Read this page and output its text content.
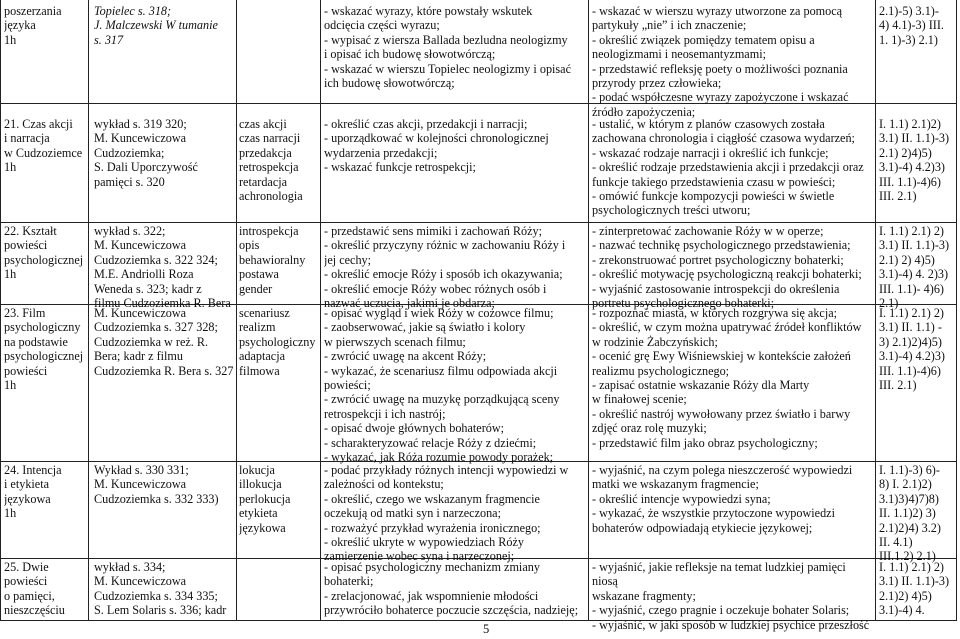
poszerzania
języka
1h
Topielec s. 318;
J. Malczewski W tumanie
s. 317
- wskazać wyrazy, które powstały wskutek
odcięcia części wyrazu;
- wypisać z wiersza Ballada bezludna neologizmy
i opisać ich budowę słowotwórczą;
- wskazać w wierszu Topielec neologizmy i opisać
ich budowę słowotwórczą;
- wskazać w wierszu wyrazy utworzone za pomocą
partykuły „nie” i ich znaczenie;
- określić związek pomiędzy tematem opisu a
neologizmami i neosemantyzmami;
- przedstawić refleksję poety o możliwości poznania
przyrody przez człowieka;
- podać współczesne wyrazy zapożyczone i wskazać
źródło zapożyczenia;
2.1)-5) 3.1)-
4) 4.1)-3) III.
1. 1)-3) 2.1)
21. Czas akcji
i narracja
w Cudzoziemce
1h
wykład s. 319 320;
M. Kuncewiczowa
Cudzoziemka;
S. Dali Uporczywość
pamięci s. 320
czas akcji
czas narracji
przedakcja
retrospekcja
retardacja
achronologia
- określić czas akcji, przedakcji i narracji;
- uporządkować w kolejności chronologicznej
wydarzenia przedakcji;
- wskazać funkcje retrospekcji;
- ustalić, w którym z planów czasowych została
zachowana chronologia i ciągłość czasowa wydarzeń;
- wskazać rodzaje narracji i określić ich funkcje;
- określić rodzaje przedstawienia akcji i przedakcji oraz
funkcje takiego przedstawienia czasu w powieści;
- omówić funkcje kompozycji powieści w świetle
psychologicznych treści utworu;
I. 1.1) 2.1)2)
3.1) II. 1.1)-3)
2.1) 2)4)5)
3.1)-4) 4.2)3)
III. 1.1)-4)6)
III. 2.1)
22. Kształt
powieści
psychologicznej
1h
wykład s. 322;
M. Kuncewiczowa
Cudzoziemka s. 322 324;
M.E. Andriolli Roza
Weneda s. 323; kadr z
filmu Cudzoziemka R. Bera
introspekcja
opis
behawioralny
postawa
gender
- przedstawić sens mimiki i zachowań Róży;
- określić przyczyny różnic w zachowaniu Róży i
jej cechy;
- określić emocje Róży i sposób ich okazywania;
- określić emocje Róży wobec różnych osób i
nazwać uczucia, jakimi je obdarza;
- zinterpretować zachowanie Róży w w operze;
- nazwać technikę psychologicznego przedstawienia;
- zrekonstruować portret psychologiczny bohaterki;
- określić motywację psychologiczną reakcji bohaterki;
- wyjaśnić zastosowanie introspekcji do określenia
portretu psychologicznego bohaterki;
I. 1.1) 2.1) 2)
3.1) II. 1.1)-3)
2.1) 2) 4)5)
3.1)-4) 4. 2)3)
III. 1.1)- 4)6)
2.1)
23. Film
psychologiczny
na podstawie
psychologicznej
powieści
1h
M. Kuncewiczowa
Cudzoziemka s. 327 328;
Cudzoziemka w reż. R.
Bera; kadr z filmu
Cudzoziemka R. Bera s. 327
scenariusz
realizm
psychologiczny
adaptacja
filmowa
- opisać wygląd i wiek Róży w cożowce filmu;
- zaobserwować, jakie są światło i kolory
w pierwszych scenach filmu;
- zwrócić uwagę na akcent Róży;
- wykazać, że scenariusz filmu odpowiada akcji
powieści;
- zwrócić uwagę na muzykę porządkującą sceny
retrospekcji i ich nastrój;
- opisać dwoje głównych bohaterów;
- scharakteryzować relacje Róży z dziećmi;
- wykazać, jak Róża rozumie powody porażek;
- rozpoznać miasta, w których rozgrywa się akcja;
- określić, w czym można upatrywać źródeł konfliktów
w rodzinie Żabczyńskich;
- ocenić grę Ewy Wiśniewskiej w kontekście założeń
realizmu psychologicznego;
- zapisać ostatnie wskazanie Róży dla Marty
w finałowej scenie;
- określić nastrój wywołowany przez światło i barwy
zdjęć oraz rolę muzyki;
- przedstawić film jako obraz psychologiczny;
I. 1.1) 2.1) 2)
3.1) II. 1.1) -
3) 2.1)2)4)5)
3.1)-4) 4.2)3)
III. 1.1)-4)6)
III. 2.1)
24. Intencja
i etykieta
językowa
1h
Wykład s. 330 331;
M. Kuncewiczowa
Cudzoziemka s. 332 333)
lokucja
illokucja
perlokucja
etykieta
językowa
- podać przykłady różnych intencji wypowiedzi w
zależności od kontekstu;
- określić, czego we wskazanym fragmencie
oczekują od matki syn i narzeczona;
- rozważyć przykład wyrażenia ironicznego;
- określić ukryte w wypowiedziach Róży
zamierzenie wobec syna i narzeczonej;
- wyjaśnić, na czym polega nieszczerość wypowiedzi
matki we wskazanym fragmencie;
- określić intencje wypowiedzi syna;
- wykazać, że wszystkie przytoczone wypowiedzi
bohaterów odpowiadają etykiecie językowej;
I. 1.1)-3) 6)-
8) I. 2.1)2)
3.1)3)4)7)8)
II. 1.1)2) 3)
2.1)2)4) 3.2)
II. 4.1)
III.1.2) 2.1)
25. Dwie
powieści
o pamięci,
nieszczęściu
wykład s. 334;
M. Kuncewiczowa
Cudzoziemka s. 334 335;
S. Lem Solaris s. 336; kadr
- opisać psychologiczny mechanizm zmiany
bohaterki;
- zrelacjonować, jak wspomnienie młodości
przywróciło bohaterce poczucie szczęścia, nadzieję;
- wyjaśnić, jakie refleksje na temat ludzkiej pamięci niosą
wskazane fragmenty;
- wyjaśnić, czego pragnie i oczekuje bohater Solaris;
- wyjaśnić, w jaki sposób w ludzkiej psychice przeszłość
I. 1.1) 2.1) 2)
3.1) II. 1.1)-3)
2.1)2) 4)5)
3.1)-4) 4.
5
